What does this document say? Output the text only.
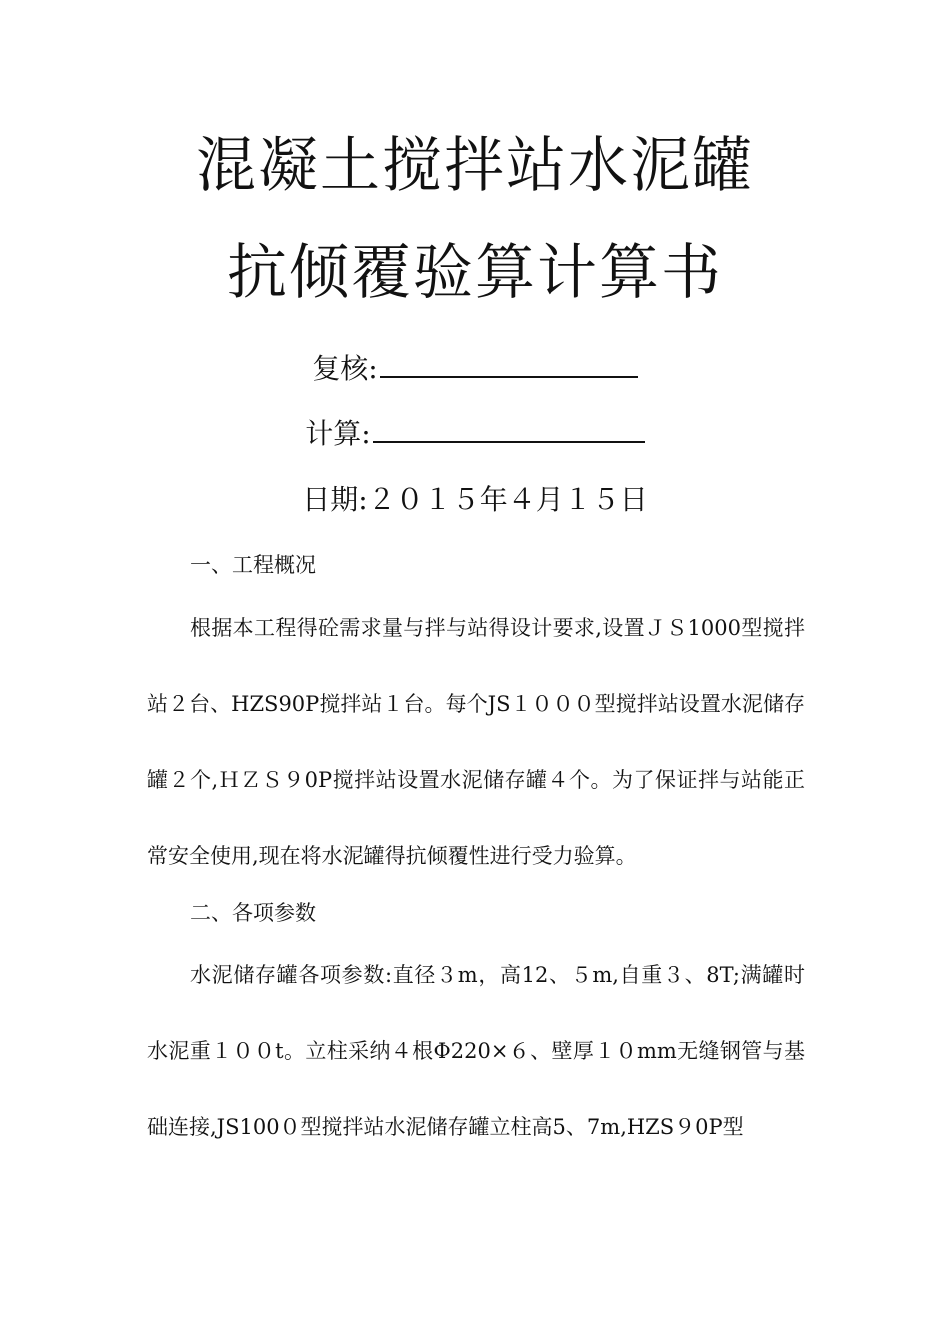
混凝土搅拌站水泥罐
抗倾覆验算计算书
复核:
计算:
日期:２０１５年４月１５日
一、工程概况

根据本工程得砼需求量与拌与站得设计要求,设置ＪＳ1000型搅拌站２台、HZS90P搅拌站１台。每个JS１０００型搅拌站设置水泥储存罐２个,ＨＺＳ９0P搅拌站设置水泥储存罐４个。为了保证拌与站能正常安全使用,现在将水泥罐得抗倾覆性进行受力验算。

二、各项参数

水泥储存罐各项参数:直径３m，高12、５m,自重３、8T;满罐时水泥重１００t。立柱采纳４根Φ220×６、壁厚１０mm无缝钢管与基础连接,JS100０型搅拌站水泥储存罐立柱高5、7m,HZS９0P型
